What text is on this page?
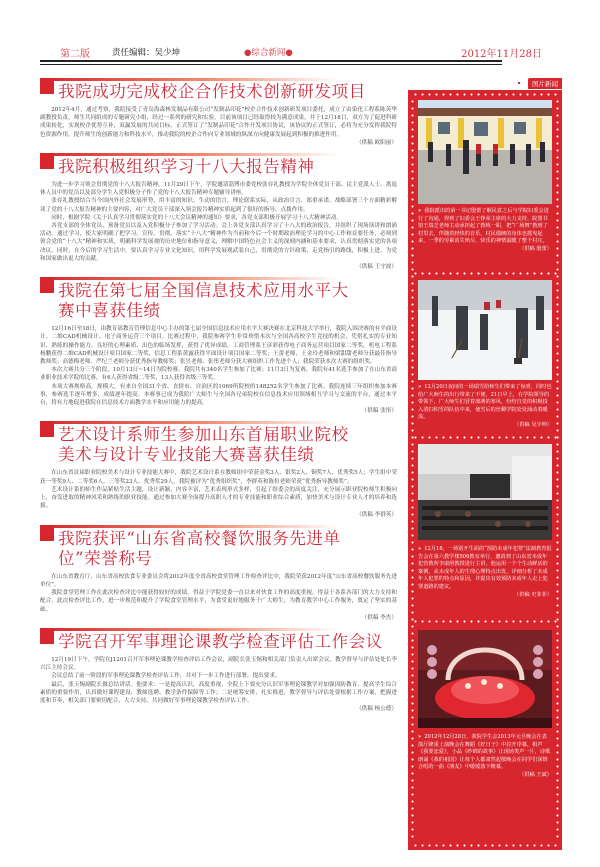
第二版	责任编辑：吴少坤	●综合新闻●	2012年11月28日
我院成功完成校企合作技术创新研发项目

2012年4月，通过考察，我院接受了青岛海森林发制品有限公司“发制品印花”校企合作技术创新研发项目委托，成立了由染化工程系陈英华副教授负责，师生共同组成的专题研究小组，经过一系列的研究和实验，目前该项目已经取得较为满意成果。并于12月18日，双方为了促进科研成果转化，实现校企优势互补，双赢发展的共同目标，正式签订了“发制品印花”合作开发项目协议，该协议的正式签订，必将为充分发挥我院特色资源作用，提升师生的创新能力和科技水平，推动我院的校企合作向专业领域的纵深方向健康发展起到积极的推进作用。

（供稿 欧阳丽）

我院积极组织学习十八大报告精神

为进一步学习领会贯彻党的十八大报告精神，11月29日下午，学院邀请淄博市委党校张存礼教授为学院全体党员干部、民主党派人士、离退休人员中的党员以及部分学生入党积极分子作了党的十八大报告精神专题辅导讲座。

张存礼教授结合当今国内外社会发展形势，用丰富的知识、生动的语言，理论联系实际，从政治宣言、郑重承诺、战略部署三个方面精彩解读了党的十八大报告精神的主要内容，对广大党员干部深入领会报告精神实质起到了很好的指导、点拨作用。

同时，根据学院《关于认真学习贯彻落实党的十八大会议精神的通知》要求，各党支部积极开展学习十八大精神活动。

各党支部的全体党员、预备党员以及入党积极分子参加了学习活动。会上各党支部认真学习了十八大的政治报告，并组织了现场演讲和朗诵活动。通过学习，使大家明确了把学习、宣传、贯彻、落实“十八大”精神作为当前和今后一个时期政治理论学习的中心工作和首要任务，必须到领会党的“十八大”精神和实质，明确科学发展观的历史地位和指导意义，理解中国特色社会主义的深刻内涵和基本要求，认真贯彻落实党的各项决议。同时，在今后的学习生活中，要认真学习专业文化知识，用科学发展观武装自己，贯彻党的方针政策，走党指引的路线，积极上进，为党和国家做出更大的贡献。

（供稿 王守波）

我院在第七届全国信息技术应用水平大赛中喜获佳绩

12月16日至18日，由教育部教育管理信息中心主办的第七届全国信息技术应用水平大赛决赛在北京科技大学举行，我院入围决赛的有平面设计、二维CAD机械设计、电子商务运营三个项目。比赛过程中，我院参赛学生非常珍惜本次与全国各高校学生竞技的机会，凭借扎实的专业知识、熟练的操作能力、良好的心理素质、出色的临场发挥，获得了优异成绩，工商管理系王彦彩获得电子商务运营项目国家二等奖，机电工程系杨鹏获得二维CAD机械设计项目国家二等奖，信息工程系黄露获得平面设计项目国家二等奖；王蕾老师、王金玲老师和梁甜甜老师分获最佳指导教师奖；高德梅老师、严纪兰老师分获优秀指导教师奖；张昱老师、张彤老师分获大赛组织工作先进个人；我院荣获本次大赛的组织奖。

本次大赛共分三个阶段，10月13日~14日为院校赛，我院共有340名学生参加了比赛；11月3日为复赛，我院有41名选手参加了在山东省商业职业技术学院的比赛，有6人获得省级二等奖，13人获得省级三等奖。

本项大赛规格高，规模大，有来自全国31个省、直辖市、自治区的1069所院校的148252名学生参加了比赛。我院连续三年组织参加本赛事，参赛选手逐年增多，成绩逐年提高。本赛事已成为我院广大师生与全国各兄弟院校在信息技术应用领域相互学习与交流的平台，通过本平台，将有力地促进我院在信息技术方面教学水平和应用能力的提高。

（供稿 张彤）

艺术设计系师生参加山东首届职业院校美术与设计专业技能大赛喜获佳绩

在山东省首届职业院校美术与设计专业技能大赛中，我院艺术设计系在教师组中荣获金奖3人、银奖2人、铜奖7人、优秀奖5人；学生组中荣获一等奖9人、二等奖6人、三等奖23人、优秀奖29人，我院被评为“优秀组织奖”，李群英和陈恒老师荣获“优秀指导教师奖”。

艺术设计系的师生作品紧贴生活主题，设计新颖，内容丰富，艺术表现形式多样，引起了组委会的高度关注，充分展示职业院校师生积极向上、奋发进取的精神风采和熟练的职业技能。通过参加大赛全面提升高职人才的专业技能和职业综合素质，加快美术与设计专业人才的培养和选拔。

（供稿 李群英）

我院获评“山东省高校餐饮服务先进单位”荣誉称号

在山东省教育厅、山东省高校饮食专业委员会将2012年度全省高校食堂管理工作检查评比中，我院荣获2012年度“山东省高校餐饮服务先进单位”。

我院食堂管理工作在此次检查评比中能获得较好的成绩，得益于学院党委一直以来对伙食工作的高度重视，得益于各系各部门的大力支持和配合。此次检查评比工作，进一步规范和提升了学院食堂管理水平，为食堂更好地服务于广大师生，为教育教学中心工作服务，奠定了坚实的基础。

（供稿 李杰）

学院召开军事理论课教学检查评估工作会议

12月19日下午，学院在J1201召开军事理论课教学检查评估工作会议，副院长张玉惕和相关部门负责人出席会议，教学督导与评估处处长李兴江主持会议。

会议总结了前一阶段的军事理论课教学检查评估工作，并对下一步工作进行部署，提出要求。

最后，张玉惕副院长做总结讲话。他要求：一是提高认识，高度重视，全院上下要充分认识军事理论课教学对加强国防教育、提高学生综合素质的重要作用，认真做好课程建设、教师选聘、教学条件保障等工作；二是统筹安排，扎实推进，教学督导与评估处要根据工作方案，把握进度和节奏，相关部门要密切配合，大力支持，共同做好军事理论课教学检查评估工作。

（供稿 杨公德）

图片新闻
» 我院派出的第一书记殷蕾了解民意之后与学院妇委会进行了沟通，得到了妇委会王铮荣主席的大力支持。院图书馆王瑞芝老师主动承担起了教练一职，把“广场舞”教到了村里去，伴随着轻快的音乐，村民僵硬的身体也摇曳起来，一季的劳累消失殆尽，快乐的神情温暖了整个村庄。
（供稿 殷蕾）
» 12月20日夜间的一场瑞雪给师生们带来了惊喜，同时也给广大师生的出行带来了不便，21日早上，在学院领导的带领下，广大师生们冒着凛冽的寒风，纷纷自觉的积极投入清扫积雪的队伍中来，使雪后的丝稠学院处处涌动着暖流。
（供稿 吴少坤）
» 12月18，一场别开生面的“预防未成年犯罪”法制教育报告会在第六教学楼506教室举行，邀请到了山东省未成年犯管教所李康照教授进行主讲，他运用一个个生动鲜活的案例，从未成年人的生理心理特点出发，详细分析了未成年人犯罪的特点和原因，并提出有效预防未成年人走上犯罪道路的建议。
（供稿 史菲菲）
» 2012年12月28日，我院学生会2013年元旦晚会在表演厅隆重上演晚会在舞蹈《好日子》中拉开序幕，相声《我要恋爱》，小品《纱锦的故事》让现场笑声一片，诗歌朗诵《我的祖国》让每个人都肃然起敬晚会在同学们深情合唱的一曲《朋友》中缓缓落下帷幕。
（供稿 王斌）
